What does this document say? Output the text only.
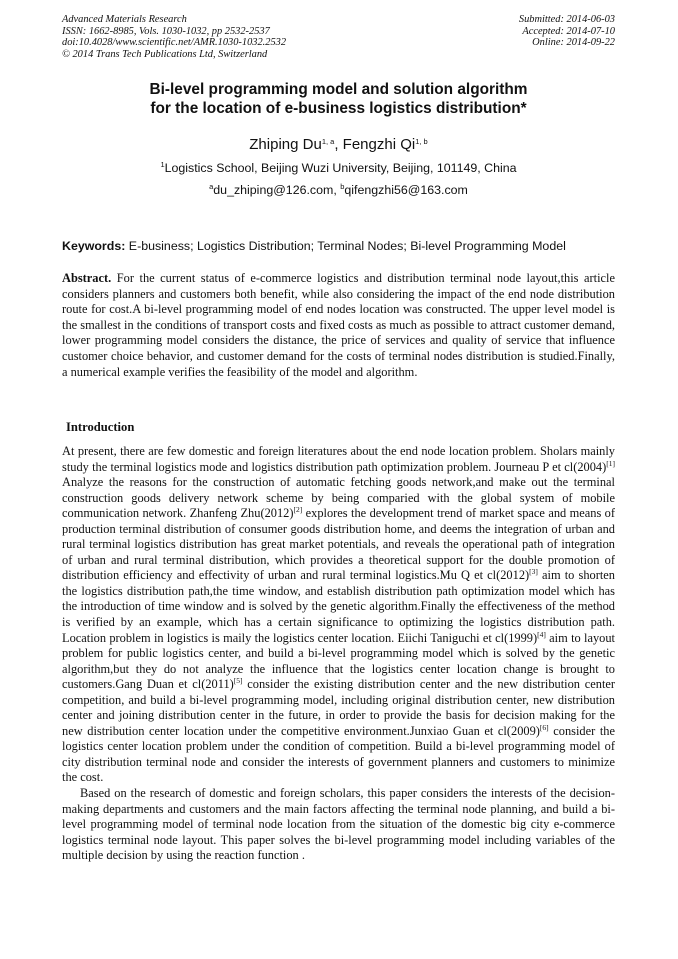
Advanced Materials Research
ISSN: 1662-8985, Vols. 1030-1032, pp 2532-2537
doi:10.4028/www.scientific.net/AMR.1030-1032.2532
© 2014 Trans Tech Publications Ltd, Switzerland
Submitted: 2014-06-03
Accepted: 2014-07-10
Online: 2014-09-22
Bi-level programming model and solution algorithm
for the location of e-business logistics distribution*
Zhiping Du$^{1, a}$, Fengzhi Qi$^{1, b}$
$^1$Logistics School, Beijing Wuzi University, Beijing, 101149, China
$^a$du_zhiping@126.com, $^b$qifengzhi56@163.com
Keywords: E-business; Logistics Distribution; Terminal Nodes; Bi-level Programming Model
Abstract. For the current status of e-commerce logistics and distribution terminal node layout,this article considers planners and customers both benefit, while also considering the impact of the end node distribution route for cost.A bi-level programming model of end nodes location was constructed. The upper level model is the smallest in the conditions of transport costs and fixed costs as much as possible to attract customer demand, lower programming model considers the distance, the price of services and quality of service that influence customer choice behavior, and customer demand for the costs of terminal nodes distribution is studied.Finally, a numerical example verifies the feasibility of the model and algorithm.
Introduction

At present, there are few domestic and foreign literatures about the end node location problem. Sholars mainly study the terminal logistics mode and logistics distribution path optimization problem. Journeau P et cl(2004)[1] Analyze the reasons for the construction of automatic fetching goods network,and make out the terminal construction goods delivery network scheme by being comparied with the global system of mobile communication network. Zhanfeng Zhu(2012)[2] explores the development trend of market space and means of production terminal distribution of consumer goods distribution home, and deems the integration of urban and rural terminal logistics distribution has great market potentials, and reveals the operational path of integration of urban and rural terminal distribution, which provides a theoretical support for the double promotion of distribution efficiency and effectivity of urban and rural terminal logistics.Mu Q et cl(2012)[3] aim to shorten the logistics distribution path,the time window, and establish distribution path optimization model which has the introduction of time window and is solved by the genetic algorithm.Finally the effectiveness of the method is verified by an example, which has a certain significance to optimizing the logistics distribution path. Location problem in logistics is maily the logistics center location. Eiichi Taniguchi et cl(1999)[4] aim to layout problem for public logistics center, and build a bi-level programming model which is solved by the genetic algorithm,but they do not analyze the influence that the logistics center location change is brought to customers.Gang Duan et cl(2011)[5] consider the existing distribution center and the new distribution center competition, and build a bi-level programming model, including original distribution center, new distribution center and joining distribution center in the future, in order to provide the basis for decision making for the new distribution center location under the competitive environment.Junxiao Guan et cl(2009)[6] consider the logistics center location problem under the condition of competition. Build a bi-level programming model of city distribution terminal node and consider the interests of government planners and customers to minimize the cost.

Based on the research of domestic and foreign scholars, this paper considers the interests of the decision-making departments and customers and the main factors affecting the terminal node planning, and build a bi-level programming model of terminal node location from the situation of the domestic big city e-commerce logistics terminal node layout. This paper solves the bi-level programming model including variables of the multiple decision by using the reaction function .
